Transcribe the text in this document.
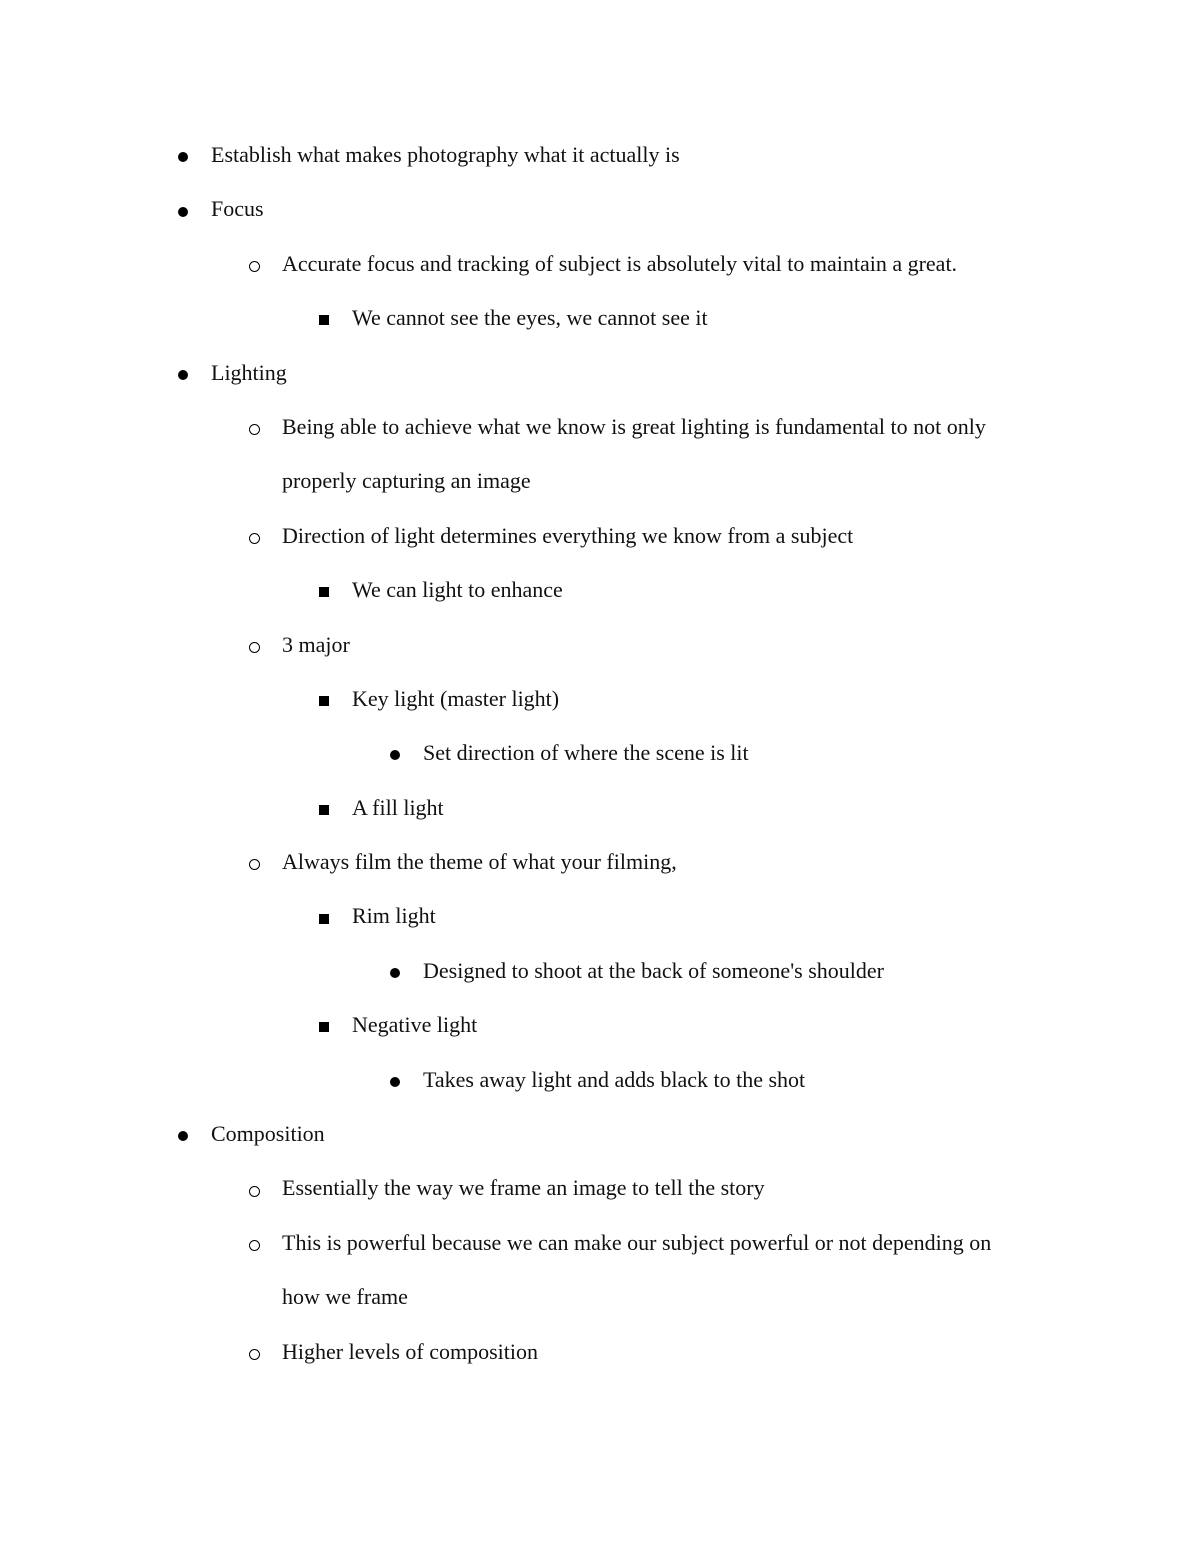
Establish what makes photography what it actually is
Focus
Accurate focus and tracking of subject is absolutely vital to maintain a great.
We cannot see the eyes, we cannot see it
Lighting
Being able to achieve what we know is great lighting is fundamental to not only
properly capturing an image
Direction of light determines everything we know from a subject
We can light to enhance
3 major
Key light (master light)
Set direction of where the scene is lit
A fill light
Always film the theme of what your filming,
Rim light
Designed to shoot at the back of someone's shoulder
Negative light
Takes away light and adds black to the shot
Composition
Essentially the way we frame an image to tell the story
This is powerful because we can make our subject powerful or not depending on
how we frame
Higher levels of composition
